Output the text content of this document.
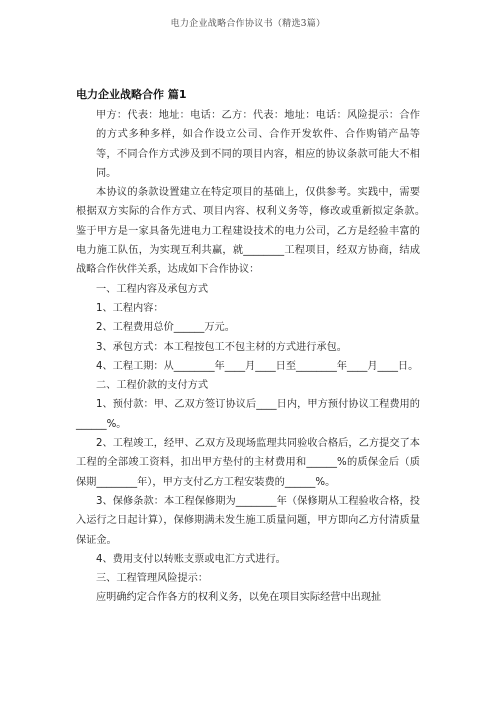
电力企业战略合作协议书（精选3篇）
电力企业战略合作 篇1

甲方：代表：地址：电话：乙方：代表：地址：电话：风险提示：合作的方式多种多样，如合作设立公司、合作开发软件、合作购销产品等等，不同合作方式涉及到不同的项目内容，相应的协议条款可能大不相同。

本协议的条款设置建立在特定项目的基础上，仅供参考。实践中，需要根据双方实际的合作方式、项目内容、权利义务等，修改或重新拟定条款。　鉴于甲方是一家具备先进电力工程建设技术的电力公司，乙方是经验丰富的电力施工队伍，为实现互利共赢，就________工程项目，经双方协商，结成战略合作伙伴关系，达成如下合作协议：

一、工程内容及承包方式

1、工程内容：

2、工程费用总价______万元。

3、承包方式：本工程按包工不包主材的方式进行承包。

4、工程工期：从________年____月____日至________年____月____日。

二、工程价款的支付方式

1、预付款：甲、乙双方签订协议后____日内，甲方预付协议工程费用的______%。

2、工程竣工，经甲、乙双方及现场监理共同验收合格后，乙方提交了本工程的全部竣工资料，扣出甲方垫付的主材费用和______%的质保金后（质保期________年），甲方支付乙方工程安装费的______%。

3、保修条款：本工程保修期为________年（保修期从工程验收合格，投入运行之日起计算），保修期满未发生施工质量问题，甲方即向乙方付清质量保证金。

4、费用支付以转账支票或电汇方式进行。

三、工程管理风险提示：

应明确约定合作各方的权利义务，以免在项目实际经营中出现扯
